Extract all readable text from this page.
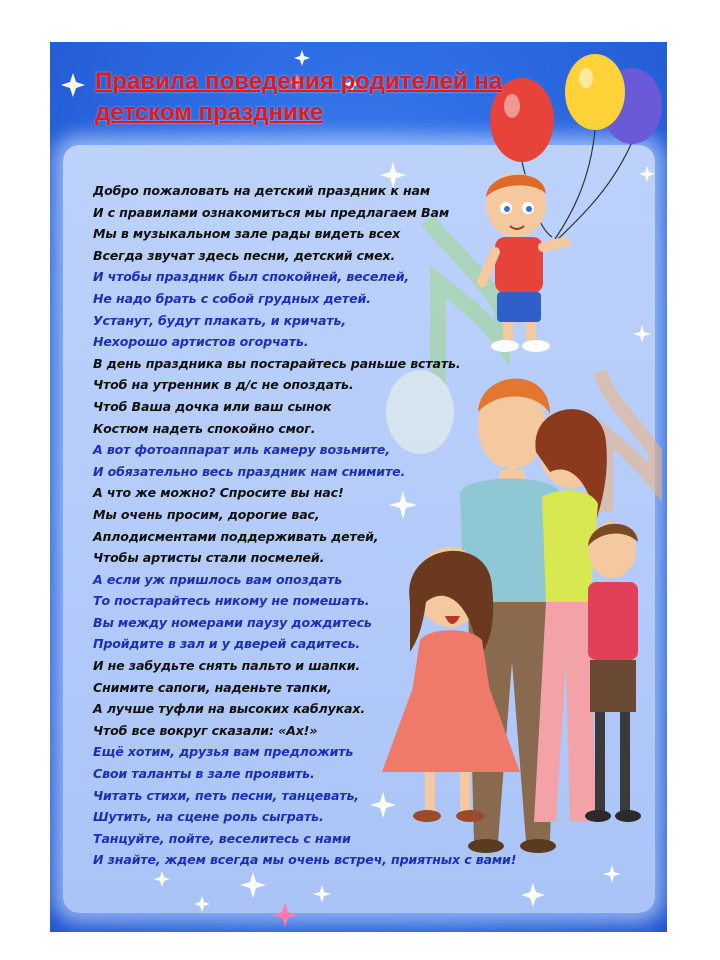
Правила поведения родителей на детском празднике
Добро пожаловать на детский праздник к нам
И с правилами ознакомиться мы предлагаем Вам
Мы в музыкальном зале рады видеть всех
Всегда звучат здесь песни, детский смех.
И чтобы праздник был спокойней, веселей,
Не надо брать с собой грудных детей.
Устанут, будут плакать, и кричать,
Нехорошо артистов огорчать.
В день праздника вы постарайтесь раньше встать.
Чтоб на утренник в д/с не опоздать.
Чтоб Ваша дочка или ваш сынок
Костюм надеть спокойно смог.
А вот фотоаппарат иль камеру возьмите,
И обязательно весь праздник нам снимите.
А что же можно? Спросите вы нас!
Мы очень просим, дорогие вас,
Аплодисментами поддерживать детей,
Чтобы артисты стали посмелей.
А если уж пришлось вам опоздать
То постарайтесь никому не помешать.
Вы между номерами паузу дождитесь
Пройдите в зал и у дверей садитесь.
И не забудьте снять пальто и шапки.
Снимите сапоги, наденьте тапки,
А лучше туфли на высоких каблуках.
Чтоб все вокруг сказали: «Ах!»
Ещё хотим, друзья вам предложить
Свои таланты в зале проявить.
Читать стихи, петь песни, танцевать,
Шутить, на сцене роль сыграть.
Танцуйте, пойте, веселитесь с нами
И знайте, ждем всегда мы очень встреч, приятных с вами!
